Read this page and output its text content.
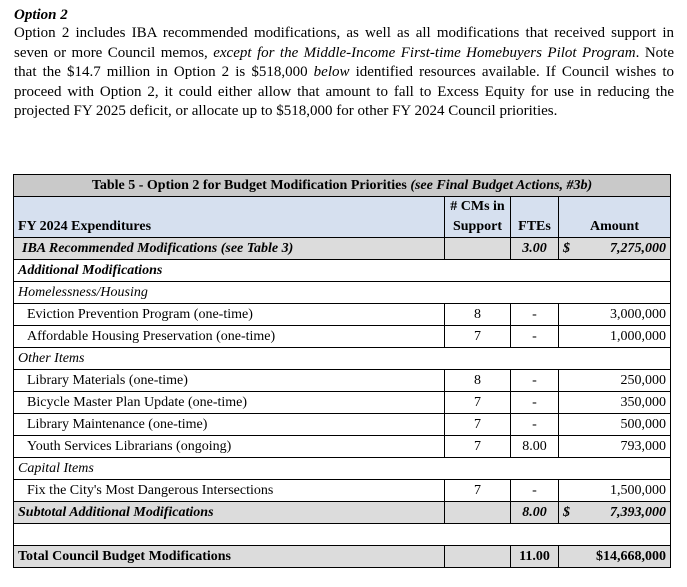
Option 2

Option 2 includes IBA recommended modifications, as well as all modifications that received support in seven or more Council memos, except for the Middle-Income First-time Homebuyers Pilot Program. Note that the $14.7 million in Option 2 is $518,000 below identified resources available. If Council wishes to proceed with Option 2, it could either allow that amount to fall to Excess Equity for use in reducing the projected FY 2025 deficit, or allocate up to $518,000 for other FY 2024 Council priorities.

Table 5 - Option 2 for Budget Modification Priorities (see Final Budget Actions, #3b)			
FY 2024 Expenditures	# CMs in Support	FTEs	Amount
IBA Recommended Modifications (see Table 3)		3.00	$ 7,275,000
Additional Modifications			
Homelessness/Housing			
Eviction Prevention Program (one-time)	8	-	3,000,000
Affordable Housing Preservation (one-time)	7	-	1,000,000
Other Items			
Library Materials (one-time)	8	-	250,000
Bicycle Master Plan Update (one-time)	7	-	350,000
Library Maintenance (one-time)	7	-	500,000
Youth Services Librarians (ongoing)	7	8.00	793,000
Capital Items			
Fix the City's Most Dangerous Intersections	7	-	1,500,000
Subtotal Additional Modifications		8.00	$ 7,393,000

Total Council Budget Modifications		11.00	$14,668,000
